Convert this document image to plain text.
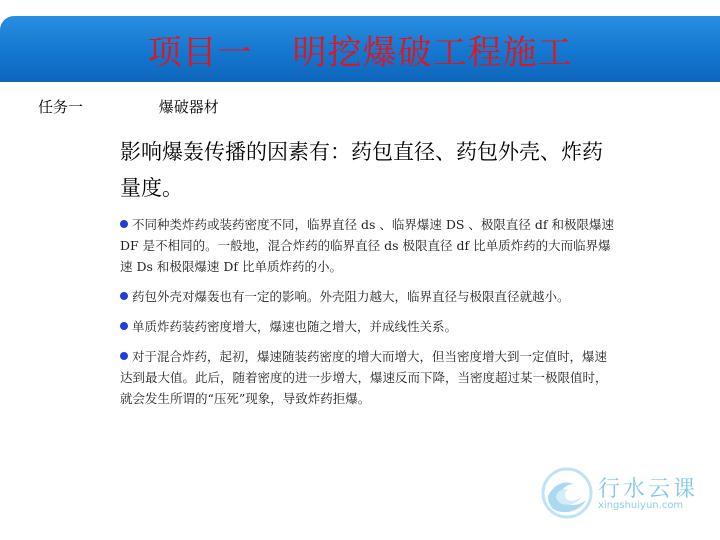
项目一 明挖爆破工程施工
任务一	爆破器材
影响爆轰传播的因素有：药包直径、药包外壳、炸药量度。
不同种类炸药或装药密度不同，临界直径 ds 、临界爆速 DS 、极限直径 df 和极限爆速 DF 是不相同的。一般地，混合炸药的临界直径 ds 极限直径 df 比单质炸药的大而临界爆速 Ds 和极限爆速 Df 比单质炸药的小。
药包外壳对爆轰也有一定的影响。外壳阻力越大，临界直径与极限直径就越小。
单质炸药装药密度增大，爆速也随之增大，并成线性关系。
对于混合炸药，起初，爆速随装药密度的增大而增大，但当密度增大到一定值时，爆速达到最大值。此后，随着密度的进一步增大，爆速反而下降，当密度超过某一极限值时，就会发生所谓的“压死”现象，导致炸药拒爆。
行水云课
xingshuiyun.com
